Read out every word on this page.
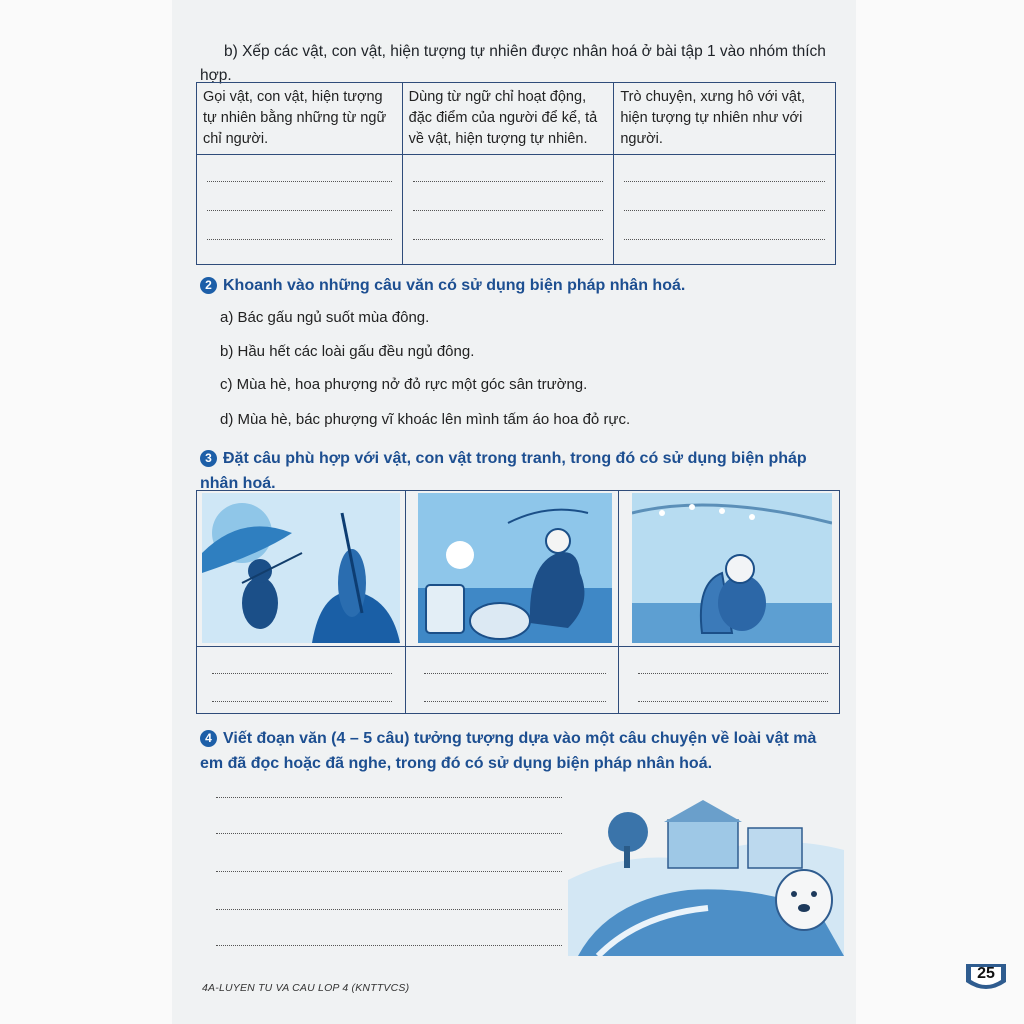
b) Xếp các vật, con vật, hiện tượng tự nhiên được nhân hoá ở bài tập 1 vào nhóm thích hợp.
Gọi vật, con vật, hiện tượng tự nhiên bằng những từ ngữ chỉ người.	Dùng từ ngữ chỉ hoạt động, đặc điểm của người để kể, tả về vật, hiện tượng tự nhiên.	Trò chuyện, xưng hô với vật, hiện tượng tự nhiên như với người.

2 Khoanh vào những câu văn có sử dụng biện pháp nhân hoá.
a) Bác gấu ngủ suốt mùa đông.
b) Hầu hết các loài gấu đều ngủ đông.
c) Mùa hè, hoa phượng nở đỏ rực một góc sân trường.
d) Mùa hè, bác phượng vĩ khoác lên mình tấm áo hoa đỏ rực.
3 Đặt câu phù hợp với vật, con vật trong tranh, trong đó có sử dụng biện pháp nhân hoá.
4 Viết đoạn văn (4 – 5 câu) tưởng tượng dựa vào một câu chuyện về loài vật mà em đã đọc hoặc đã nghe, trong đó có sử dụng biện pháp nhân hoá.
4A-LUYEN TU VA CAU LOP 4 (KNTTVCS)
25
